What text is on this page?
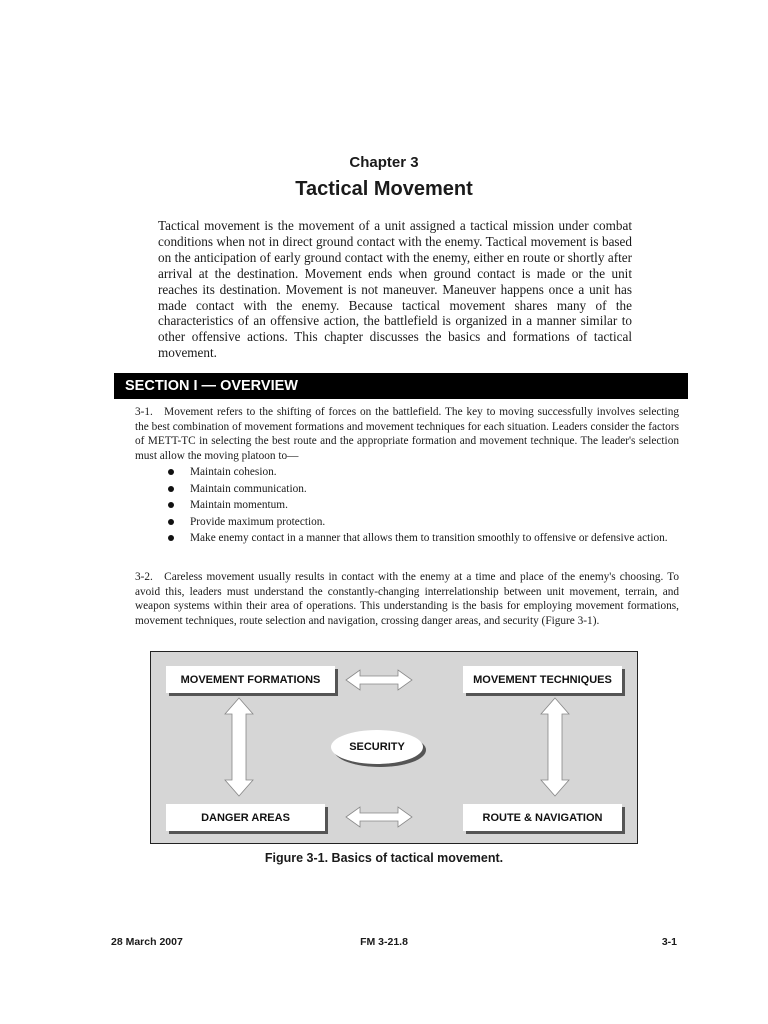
Chapter 3
Tactical Movement
Tactical movement is the movement of a unit assigned a tactical mission under combat conditions when not in direct ground contact with the enemy. Tactical movement is based on the anticipation of early ground contact with the enemy, either en route or shortly after arrival at the destination. Movement ends when ground contact is made or the unit reaches its destination. Movement is not maneuver. Maneuver happens once a unit has made contact with the enemy. Because tactical movement shares many of the characteristics of an offensive action, the battlefield is organized in a manner similar to other offensive actions. This chapter discusses the basics and formations of tactical movement.
SECTION I — OVERVIEW
3-1. Movement refers to the shifting of forces on the battlefield. The key to moving successfully involves selecting the best combination of movement formations and movement techniques for each situation. Leaders consider the factors of METT-TC in selecting the best route and the appropriate formation and movement technique. The leader's selection must allow the moving platoon to—
Maintain cohesion.
Maintain communication.
Maintain momentum.
Provide maximum protection.
Make enemy contact in a manner that allows them to transition smoothly to offensive or defensive action.
3-2. Careless movement usually results in contact with the enemy at a time and place of the enemy's choosing. To avoid this, leaders must understand the constantly-changing interrelationship between unit movement, terrain, and weapon systems within their area of operations. This understanding is the basis for employing movement formations, movement techniques, route selection and navigation, crossing danger areas, and security (Figure 3-1).
MOVEMENT FORMATIONS	MOVEMENT TECHNIQUES
DANGER AREAS	ROUTE & NAVIGATION
SECURITY
Figure 3-1. Basics of tactical movement.
28 March 2007	FM 3-21.8	3-1
